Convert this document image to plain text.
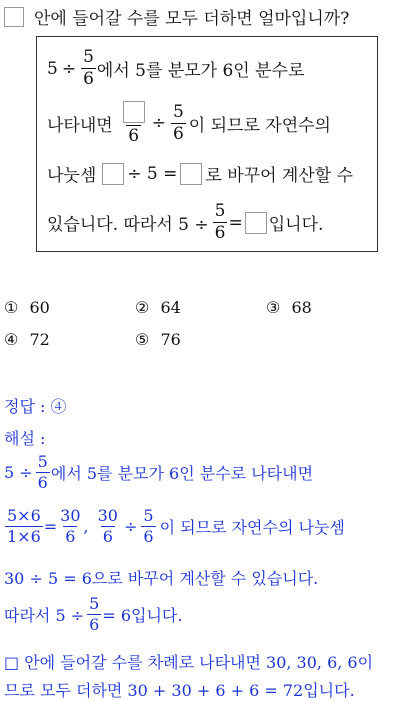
안에 들어갈 수를 모두 더하면 얼마입니까?
$5 \div \frac{5}{6}$ 에서 5를 분모가 6인 분수로
나타내면
6
÷ $\frac{5}{6}$ 이 되므로 자연수의
나눗셈 ÷ 5 = 로 바꾸어 계산할 수
있습니다. 따라서 $5 \div \frac{5}{6}$ = 입니다.
① 60	② 64	③ 68
④ 72	⑤ 76
정답 : ④
해설 :
$5 \div \frac{5}{6}$ 에서 5를 분모가 6인 분수로 나타내면
$\frac{5\times 6}{1\times 6} = \frac{30}{6}$ , $\frac{30}{6} \div \frac{5}{6}$ 이 되므로 자연수의 나눗셈
30 ÷ 5 = 6으로 바꾸어 계산할 수 있습니다.
따라서 $5 \div \frac{5}{6} = 6$입니다.
□ 안에 들어갈 수를 차례로 나타내면 30, 30, 6, 6이
므로 모두 더하면 30 + 30 + 6 + 6 = 72입니다.
